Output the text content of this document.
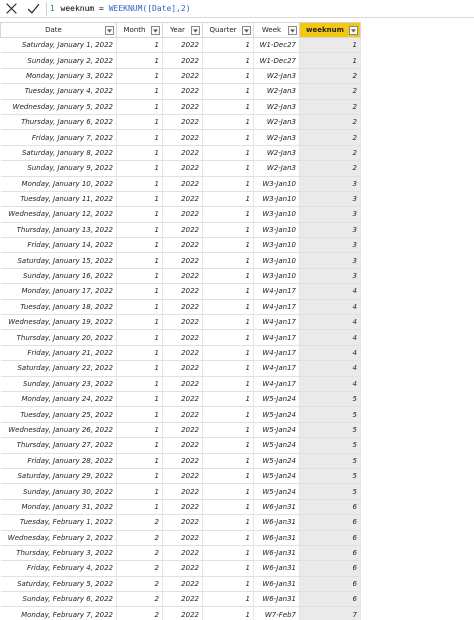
1 weeknum = WEEKNUM([Date],2)
Date	Month	Year	Quarter	Week	weeknum

Saturday, January 1, 2022	1	2022	1	W1-Dec27	1	
Sunday, January 2, 2022	1	2022	1	W1-Dec27	1	
Monday, January 3, 2022	1	2022	1	W2-Jan3	2	
Tuesday, January 4, 2022	1	2022	1	W2-Jan3	2	
Wednesday, January 5, 2022	1	2022	1	W2-Jan3	2	
Thursday, January 6, 2022	1	2022	1	W2-Jan3	2	
Friday, January 7, 2022	1	2022	1	W2-Jan3	2	
Saturday, January 8, 2022	1	2022	1	W2-Jan3	2	
Sunday, January 9, 2022	1	2022	1	W2-Jan3	2	
Monday, January 10, 2022	1	2022	1	W3-Jan10	3	
Tuesday, January 11, 2022	1	2022	1	W3-Jan10	3	
Wednesday, January 12, 2022	1	2022	1	W3-Jan10	3	
Thursday, January 13, 2022	1	2022	1	W3-Jan10	3	
Friday, January 14, 2022	1	2022	1	W3-Jan10	3	
Saturday, January 15, 2022	1	2022	1	W3-Jan10	3	
Sunday, January 16, 2022	1	2022	1	W3-Jan10	3	
Monday, January 17, 2022	1	2022	1	W4-Jan17	4	
Tuesday, January 18, 2022	1	2022	1	W4-Jan17	4	
Wednesday, January 19, 2022	1	2022	1	W4-Jan17	4	
Thursday, January 20, 2022	1	2022	1	W4-Jan17	4	
Friday, January 21, 2022	1	2022	1	W4-Jan17	4	
Saturday, January 22, 2022	1	2022	1	W4-Jan17	4	
Sunday, January 23, 2022	1	2022	1	W4-Jan17	4	
Monday, January 24, 2022	1	2022	1	W5-Jan24	5	
Tuesday, January 25, 2022	1	2022	1	W5-Jan24	5	
Wednesday, January 26, 2022	1	2022	1	W5-Jan24	5	
Thursday, January 27, 2022	1	2022	1	W5-Jan24	5	
Friday, January 28, 2022	1	2022	1	W5-Jan24	5	
Saturday, January 29, 2022	1	2022	1	W5-Jan24	5	
Sunday, January 30, 2022	1	2022	1	W5-Jan24	5	
Monday, January 31, 2022	1	2022	1	W6-Jan31	6	
Tuesday, February 1, 2022	2	2022	1	W6-Jan31	6	
Wednesday, February 2, 2022	2	2022	1	W6-Jan31	6	
Thursday, February 3, 2022	2	2022	1	W6-Jan31	6	
Friday, February 4, 2022	2	2022	1	W6-Jan31	6	
Saturday, February 5, 2022	2	2022	1	W6-Jan31	6	
Sunday, February 6, 2022	2	2022	1	W6-Jan31	6	
Monday, February 7, 2022	2	2022	1	W7-Feb7	7	
